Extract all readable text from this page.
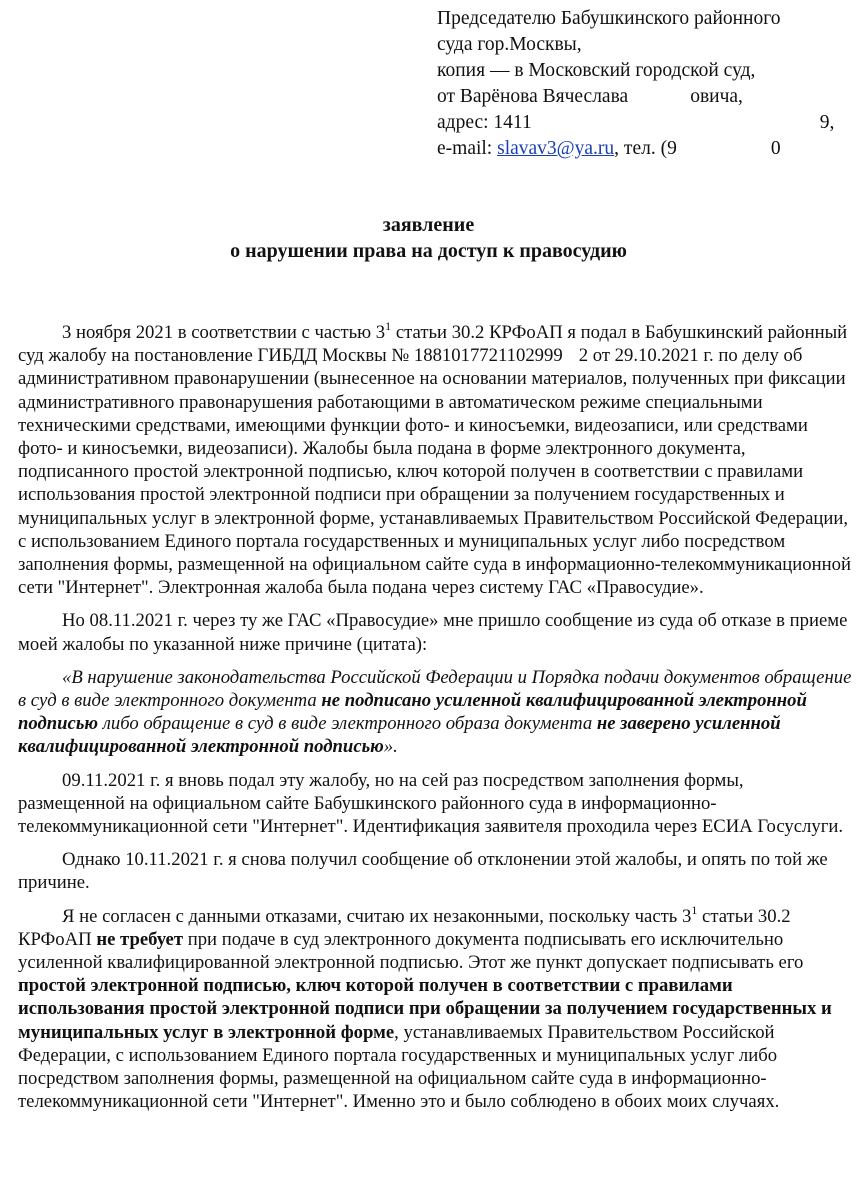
Председателю Бабушкинского районного
суда гор.Москвы,
копия — в Московский городской суд,
от Варёнова Вячеслава	овича,
адрес: 1411	9,
e-mail: slavav3@ya.ru, тел. (9	0
заявление
о нарушении права на доступ к правосудию

3 ноября 2021 в соответствии с частью $3^1$ статьи 30.2 КРФоАП я подал в Бабушкинский районный суд жалобу на постановление ГИБДД Москвы № 1881017721102999 2 от 29.10.2021 г. по делу об административном правонарушении (вынесенное на основании материалов, полученных при фиксации административного правонарушения работающими в автоматическом режиме специальными техническими средствами, имеющими функции фото- и киносъемки, видеозаписи, или средствами фото- и киносъемки, видеозаписи). Жалобы была подана в форме электронного документа, подписанного простой электронной подписью, ключ которой получен в соответствии с правилами использования простой электронной подписи при обращении за получением государственных и муниципальных услуг в электронной форме, устанавливаемых Правительством Российской Федерации, с использованием Единого портала государственных и муниципальных услуг либо посредством заполнения формы, размещенной на официальном сайте суда в информационно-телекоммуникационной сети "Интернет". Электронная жалоба была подана через систему ГАС «Правосудие».

Но 08.11.2021 г. через ту же ГАС «Правосудие» мне пришло сообщение из суда об отказе в приеме моей жалобы по указанной ниже причине (цитата):

«В нарушение законодательства Российской Федерации и Порядка подачи документов обращение в суд в виде электронного документа не подписано усиленной квалифицированной электронной подписью либо обращение в суд в виде электронного образа документа не заверено усиленной квалифицированной электронной подписью».

09.11.2021 г. я вновь подал эту жалобу, но на сей раз посредством заполнения формы, размещенной на официальном сайте Бабушкинского районного суда в информационно-телекоммуникационной сети "Интернет". Идентификация заявителя проходила через ЕСИА Госуслуги.

Однако 10.11.2021 г. я снова получил сообщение об отклонении этой жалобы, и опять по той же причине.

Я не согласен с данными отказами, считаю их незаконными, поскольку часть $3^1$ статьи 30.2 КРФоАП не требует при подаче в суд электронного документа подписывать его исключительно усиленной квалифицированной электронной подписью. Этот же пункт допускает подписывать его простой электронной подписью, ключ которой получен в соответствии с правилами использования простой электронной подписи при обращении за получением государственных и муниципальных услуг в электронной форме, устанавливаемых Правительством Российской Федерации, с использованием Единого портала государственных и муниципальных услуг либо посредством заполнения формы, размещенной на официальном сайте суда в информационно-телекоммуникационной сети "Интернет". Именно это и было соблюдено в обоих моих случаях.
